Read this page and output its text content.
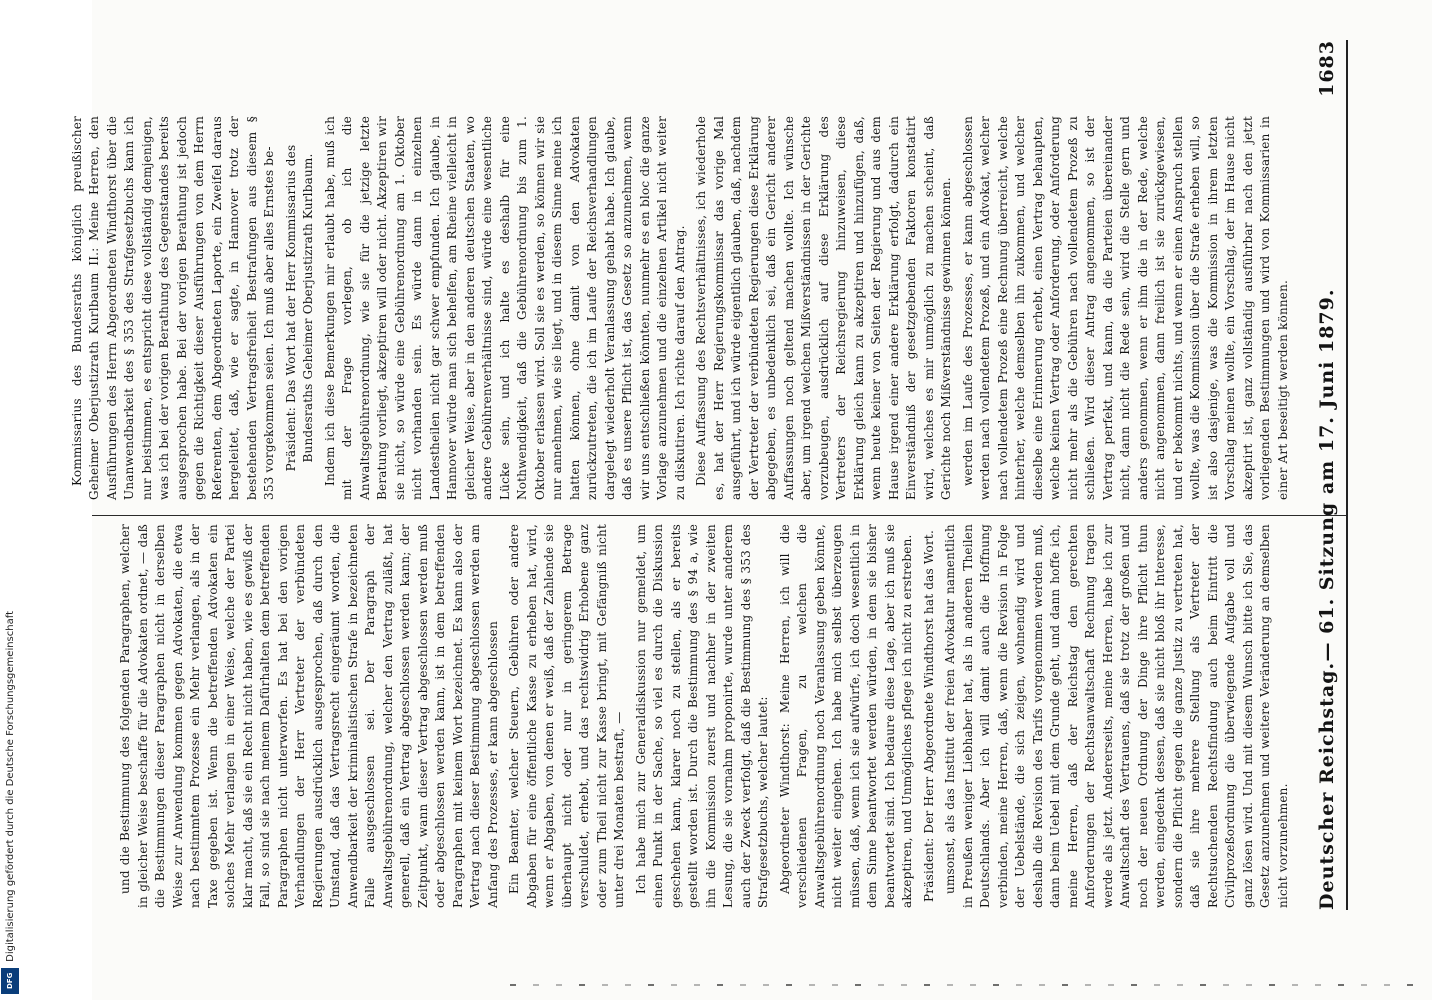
Deutscher Reichstag.
— 61. Sitzung am 17. Juni 1879.
1683
umsonst, als das Institut der freien Advokatur namentlich in Preußen weniger Liebhaber hat, als in anderen Theilen Deutschlands. Aber ich will damit auch die Hoffnung verbinden, meine Herren, daß, wenn die Revision in Folge der Uebelstände, die sich zeigen, wohnendig wird und deshalb die Revision des Tarifs vorgenommen werden muß, dann beim Uebel mit dem Grunde geht, und dann hoffe ich, meine Herren, daß der Reichstag den gerechten Anforderungen der Rechtsanwaltschaft Rechnung tragen werde als jetzt. Andererseits, meine Herren, habe ich zur Anwaltschaft des Vertrauens, daß sie trotz der großen und noch der neuen Ordnung der Dinge ihre Pflicht thun werden, eingedenk dessen, daß sie nicht bloß ihr Interesse, sondern die Pflicht gegen die ganze Justiz zu vertreten hat, daß sie ihre mehrere Stellung als Vertreter der Rechtsuchenden Rechtsfindung auch beim Eintritt die Civilprozeßordnung die überwiegende Aufgabe voll und ganz lösen wird. Und mit diesem Wunsch bitte ich Sie, das Gesetz anzunehmen und weitere Veränderung an demselben nicht vorzunehmen.
Präsident: Der Herr Abgeordnete Windthorst hat das Wort.
Abgeordneter Windthorst: Meine Herren, ich will die verschiedenen Fragen, zu welchen die Anwaltsgebührenordnung noch Veranlassung geben könnte, nicht weiter eingehen. Ich habe mich selbst überzeugen müssen, daß, wenn ich sie aufwürfe, ich doch wesentlich in dem Sinne beantwortet werden würden, in dem sie bisher beantwortet sind. Ich bedaure diese Lage, aber ich muß sie akzeptiren, und Unmögliches pflege ich nicht zu erstreben.
Ich habe mich zur Generaldiskussion nur gemeldet, um einen Punkt in der Sache, so viel es durch die Diskussion geschehen kann, klarer noch zu stellen, als er bereits gestellt worden ist. Durch die Bestimmung des § 94 a, wie ihn die Kommission zuerst und nachher in der zweiten Lesung, die sie vornahm proponirte, wurde unter anderem auch der Zweck verfolgt, daß die Bestimmung des § 353 des Strafgesetzbuchs, welcher lautet:
Ein Beamter, welcher Steuern, Gebühren oder andere Abgaben für eine öffentliche Kasse zu erheben hat, wird, wenn er Abgaben, von denen er weiß, daß der Zahlende sie überhaupt nicht oder nur in geringerem Betrage verschuldet, erhebt, und das rechtswidrig Erhobene ganz oder zum Theil nicht zur Kasse bringt, mit Gefängniß nicht unter drei Monaten bestraft, —
und die Bestimmung des folgenden Paragraphen, welcher in gleicher Weise beschaffe für die Advokaten ordnet, — daß die Bestimmungen dieser Paragraphen nicht in derselben Weise zur Anwendung kommen gegen Advokaten, die etwa nach bestimmtem Prozesse ein Mehr verlangen, als in der Taxe gegeben ist. Wenn die betreffenden Advokaten ein solches Mehr verlangen in einer Weise, welche der Partei klar macht, daß sie ein Recht nicht haben, wie es gewiß der Fall, so sind sie nach meinem Dafürhalten dem betreffenden Paragraphen nicht unterworfen. Es hat bei den vorigen Verhandlungen der Herr Vertreter der verbündeten Regierungen ausdrücklich ausgesprochen, daß durch den Umstand, daß das Vertragsrecht eingeräumt worden, die Anwendbarkeit der kriminalistischen Strafe in bezeichneten Falle ausgeschlossen sei. Der Paragraph der Anwaltsgebührenordnung, welcher den Vertrag zuläßt, hat generell, daß ein Vertrag abgeschlossen werden kann; der Zeitpunkt, wann dieser Vertrag abgeschlossen werden muß oder abgeschlossen werden kann, ist in dem betreffenden Paragraphen mit keinem Wort bezeichnet. Es kann also der Vertrag nach dieser Bestimmung abgeschlossen werden am Anfang des Prozesses, er kann abgeschlossen
werden im Laufe des Prozesses, er kann abgeschlossen werden nach vollendetem Prozeß, und ein Advokat, welcher nach vollendetem Prozeß eine Rechnung überreicht, welche hinterher, welche demselben ihn zukommen, und welcher dieselbe eine Erinnerung erhebt, einen Vertrag behaupten, welche keinen Vertrag oder Anforderung, oder Anforderung nicht mehr als die Gebühren nach vollendetem Prozeß zu schließen. Wird dieser Antrag angenommen, so ist der Vertrag perfekt, und kann, da die Parteien übereinander nicht, dann nicht die Rede sein, wird die Stelle gern und anders genommen, wenn er ihm die in der Rede, welche nicht angenommen, dann freilich ist sie zurückgewiesen, und er bekommt nichts, und wenn er einen Anspruch stellen wollte, was die Kommission über die Strafe erheben will, so ist also dasjenige, was die Kommission in ihrem letzten Vorschlag meinen wollte, ein Vorschlag, der im Hause nicht akzeptirt ist, ganz vollständig ausführbar nach den jetzt vorliegenden Bestimmungen und wird von Kommissarien in einer Art beseitigt werden können.
Diese Auffassung des Rechtsverhältnisses, ich wiederhole es, hat der Herr Regierungskommissar das vorige Mal ausgeführt, und ich würde eigentlich glauben, daß, nachdem der Vertreter der verbündeten Regierungen diese Erklärung abgegeben, es unbedenklich sei, daß ein Gericht anderer Auffassungen noch geltend machen wollte. Ich wünsche aber, um irgend welchen Mißverständnissen in der Gerichte vorzubeugen, ausdrücklich auf diese Erklärung des Vertreters der Reichsregierung hinzuweisen, diese Erklärung gleich kann zu akzeptiren und hinzufügen, daß, wenn heute keiner von Seiten der Regierung und aus dem Hause irgend einer andere Erklärung erfolgt, dadurch ein Einverständniß der gesetzgebenden Faktoren konstatirt wird, welches es mir unmöglich zu machen scheint, daß Gerichte noch Mißverständnisse gewinnen können.
Indem ich diese Bemerkungen mir erlaubt habe, muß ich mit der Frage vorlegen, ob ich die Anwaltsgebührenordnung, wie sie für die jetzige letzte Beratung vorliegt, akzeptiren will oder nicht. Akzeptiren wir sie nicht, so würde eine Gebührenordnung am 1. Oktober nicht vorhanden sein. Es würde dann in einzelnen Landestheilen nicht gar schwer empfunden. Ich glaube, in Hannover würde man sich behelfen, am Rheine vielleicht in gleicher Weise, aber in den anderen deutschen Staaten, wo andere Gebührenverhältnisse sind, würde eine wesentliche Lücke sein, und ich halte es deshalb für eine Nothwendigkeit, daß die Gebührenordnung bis zum 1. Oktober erlassen wird. Soll sie es werden, so können wir sie nur annehmen, wie sie liegt, und in diesem Sinne meine ich hatten können, ohne damit von den Advokaten zurückzutreten, die ich im Laufe der Reichsverhandlungen dargelegt wiederholt Veranlassung gehabt habe. Ich glaube, daß es unsere Pflicht ist, das Gesetz so anzunehmen, wenn wir uns entschließen könnten, nunmehr es en bloc die ganze Vorlage anzunehmen und die einzelnen Artikel nicht weiter zu diskutiren. Ich richte darauf den Antrag.
Präsident: Das Wort hat der Herr Kommissarius des Bundesraths Geheimer Oberjustizrath Kurlbaum.
Kommissarius des Bundesraths königlich preußischer Geheimer Oberjustizrath Kurlbaum II.: Meine Herren, den Ausführungen des Herrn Abgeordneten Windthorst über die Unanwendbarkeit des § 353 des Strafgesetzbuchs kann ich nur beistimmen, es entspricht diese vollständig demjenigen, was ich bei der vorigen Berathung des Gegenstandes bereits ausgesprochen habe. Bei der vorigen Berathung ist jedoch gegen die Richtigkeit dieser Ausführungen von dem Herrn Referenten, dem Abgeordneten Laporte, ein Zweifel daraus hergeleitet, daß, wie er sagte, in Hannover trotz der bestehenden Vertragsfreiheit Bestrafungen aus diesem § 353 vorgekommen seien. Ich muß aber alles Ernstes be-
Digitalisierung gefördert durch die Deutsche Forschungsgemeinschaft
DFG
